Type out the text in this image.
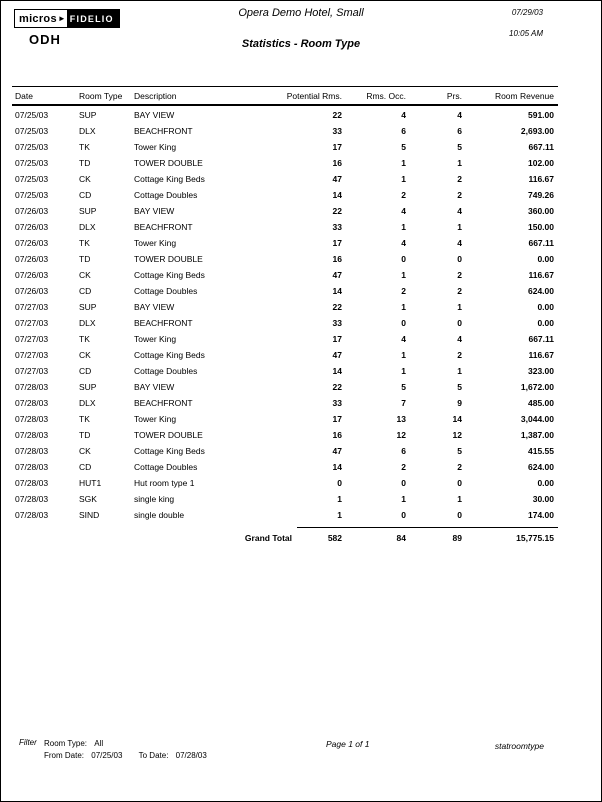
micros ► FIDELIO
ODH
Opera Demo Hotel, Small
Statistics - Room Type
07/29/03
10:05 AM
Date	Room Type	Description	Potential Rms.	Rms. Occ.	Prs.	Room Revenue
07/25/03	SUP	BAY VIEW	22	4	4	591.00
07/25/03	DLX	BEACHFRONT	33	6	6	2,693.00
07/25/03	TK	Tower King	17	5	5	667.11
07/25/03	TD	TOWER DOUBLE	16	1	1	102.00
07/25/03	CK	Cottage King Beds	47	1	2	116.67
07/25/03	CD	Cottage Doubles	14	2	2	749.26
07/26/03	SUP	BAY VIEW	22	4	4	360.00
07/26/03	DLX	BEACHFRONT	33	1	1	150.00
07/26/03	TK	Tower King	17	4	4	667.11
07/26/03	TD	TOWER DOUBLE	16	0	0	0.00
07/26/03	CK	Cottage King Beds	47	1	2	116.67
07/26/03	CD	Cottage Doubles	14	2	2	624.00
07/27/03	SUP	BAY VIEW	22	1	1	0.00
07/27/03	DLX	BEACHFRONT	33	0	0	0.00
07/27/03	TK	Tower King	17	4	4	667.11
07/27/03	CK	Cottage King Beds	47	1	2	116.67
07/27/03	CD	Cottage Doubles	14	1	1	323.00
07/28/03	SUP	BAY VIEW	22	5	5	1,672.00
07/28/03	DLX	BEACHFRONT	33	7	9	485.00
07/28/03	TK	Tower King	17	13	14	3,044.00
07/28/03	TD	TOWER DOUBLE	16	12	12	1,387.00
07/28/03	CK	Cottage King Beds	47	6	5	415.55
07/28/03	CD	Cottage Doubles	14	2	2	624.00
07/28/03	HUT1	Hut room type 1	0	0	0	0.00
07/28/03	SGK	single king	1	1	1	30.00
07/28/03	SIND	single double	1	0	0	174.00
Grand Total	582	84	89	15,775.15
Filter Room Type: All
From Date: 07/25/03 To Date: 07/28/03
Page 1 of 1	statroomtype
